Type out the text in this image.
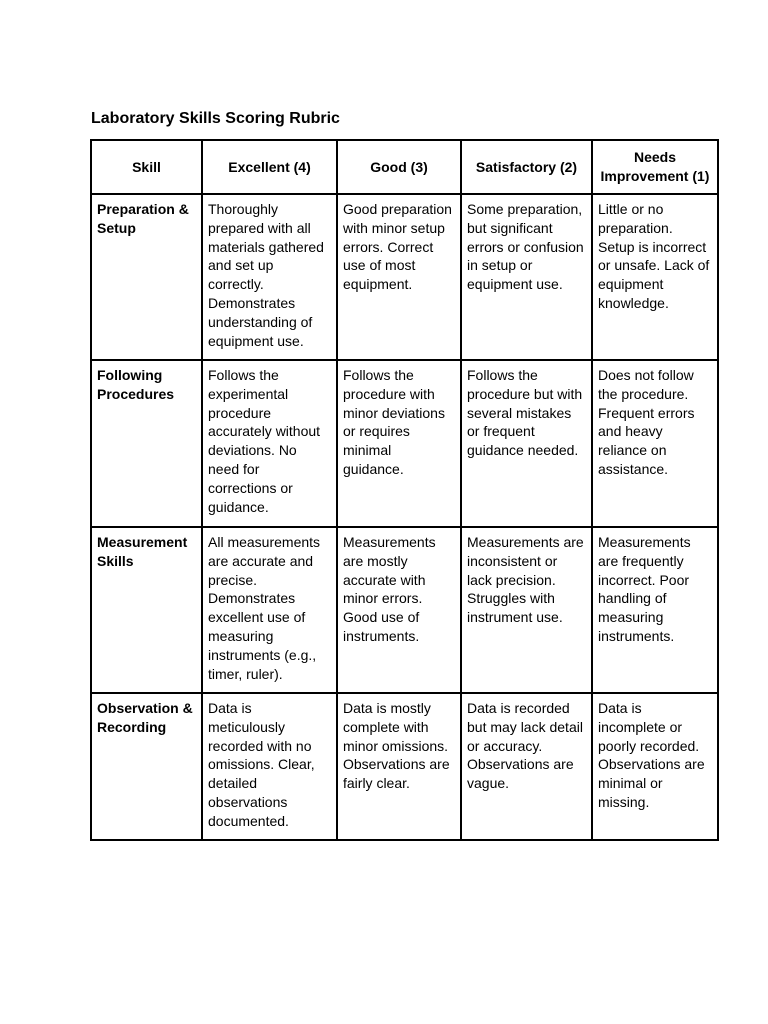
Laboratory Skills Scoring Rubric
Skill	Excellent (4)	Good (3)	Satisfactory (2)	Needs Improvement (1)
Preparation & Setup	Thoroughly prepared with all materials gathered and set up correctly. Demonstrates understanding of equipment use.	Good preparation with minor setup errors. Correct use of most equipment.	Some preparation, but significant errors or confusion in setup or equipment use.	Little or no preparation. Setup is incorrect or unsafe. Lack of equipment knowledge.
Following Procedures	Follows the experimental procedure accurately without deviations. No need for corrections or guidance.	Follows the procedure with minor deviations or requires minimal guidance.	Follows the procedure but with several mistakes or frequent guidance needed.	Does not follow the procedure. Frequent errors and heavy reliance on assistance.
Measurement Skills	All measurements are accurate and precise. Demonstrates excellent use of measuring instruments (e.g., timer, ruler).	Measurements are mostly accurate with minor errors. Good use of instruments.	Measurements are inconsistent or lack precision. Struggles with instrument use.	Measurements are frequently incorrect. Poor handling of measuring instruments.
Observation & Recording	Data is meticulously recorded with no omissions. Clear, detailed observations documented.	Data is mostly complete with minor omissions. Observations are fairly clear.	Data is recorded but may lack detail or accuracy. Observations are vague.	Data is incomplete or poorly recorded. Observations are minimal or missing.
